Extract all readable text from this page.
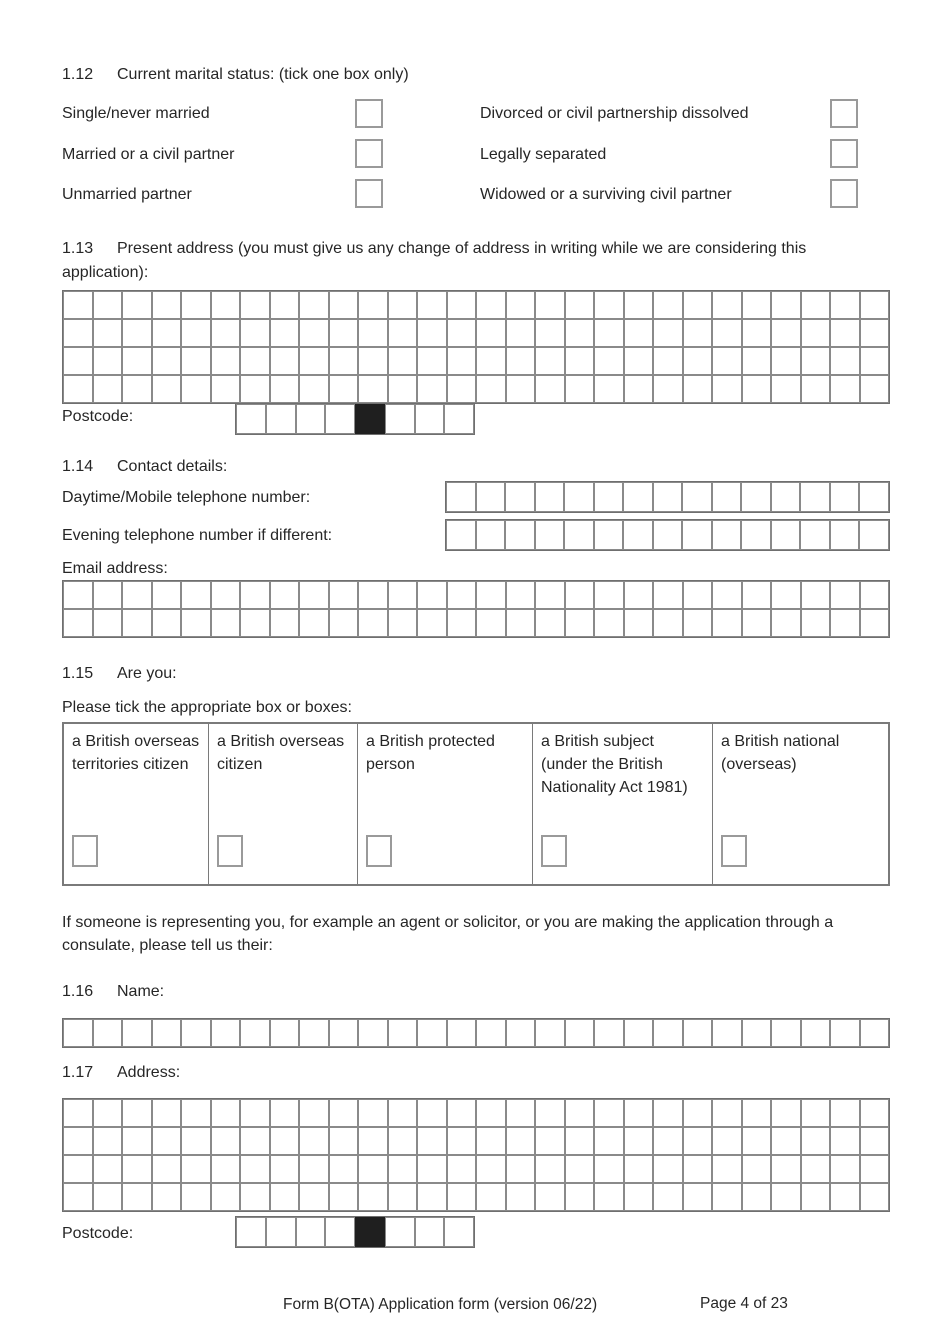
1.12 Current marital status: (tick one box only)
Single/never married	Divorced or civil partnership dissolved
Married or a civil partner	Legally separated
Unmarried partner	Widowed or a surviving civil partner
1.13 Present address (you must give us any change of address in writing while we are considering this application):
Postcode:
1.14 Contact details:
Daytime/Mobile telephone number:
Evening telephone number if different:
Email address:
1.15 Are you:
Please tick the appropriate box or boxes:
a British overseas territories citizen
a British overseas citizen
a British protected person
a British subject (under the British Nationality Act 1981)
a British national (overseas)
If someone is representing you, for example an agent or solicitor, or you are making the application through a consulate, please tell us their:
1.16 Name:
1.17 Address:
Postcode:
Form B(OTA) Application form (version 06/22)	Page 4 of 23
